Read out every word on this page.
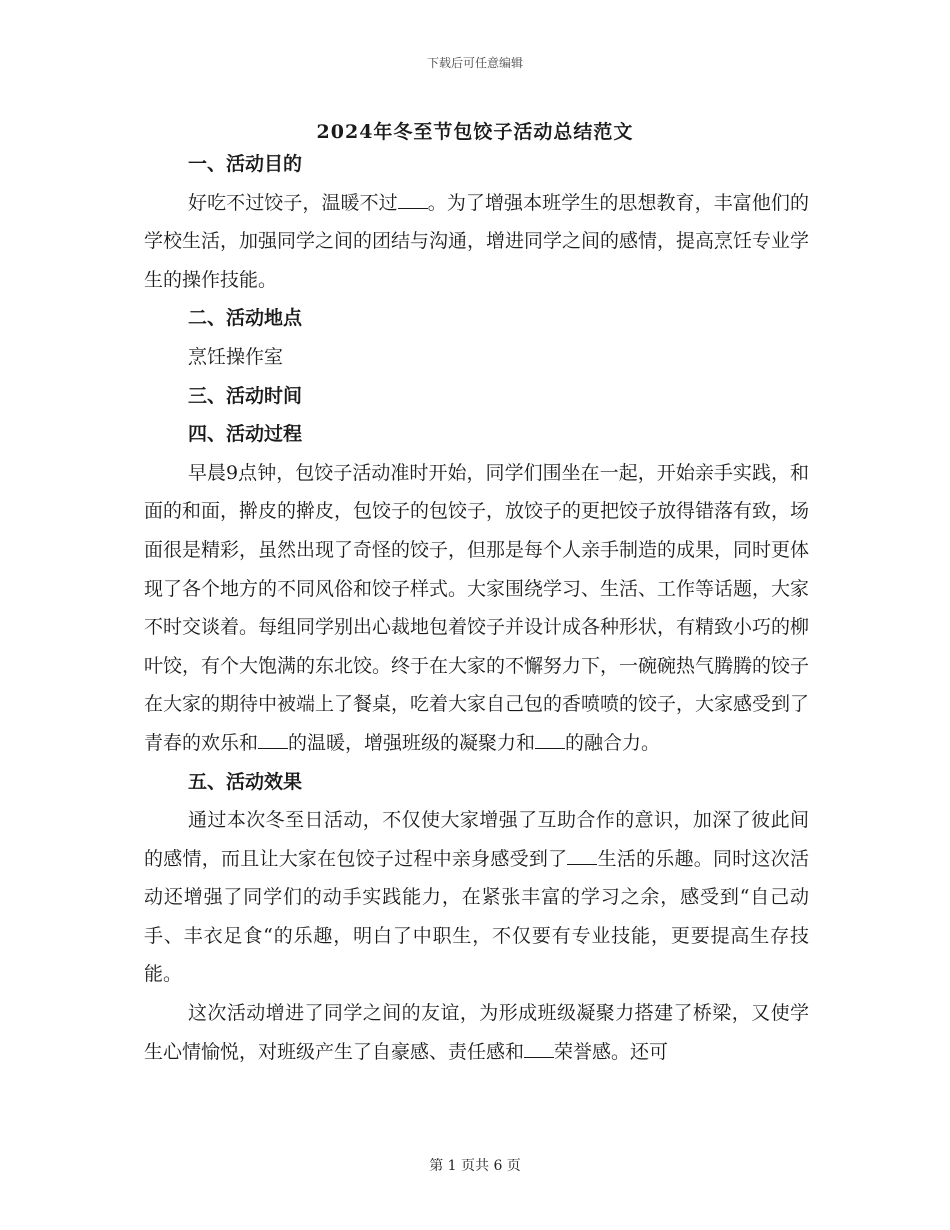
下载后可任意编辑
2024年冬至节包饺子活动总结范文

一、活动目的

好吃不过饺子，温暖不过 。为了增强本班学生的思想教育，丰富他们的学校生活，加强同学之间的团结与沟通，增进同学之间的感情，提高烹饪专业学生的操作技能。

二、活动地点

烹饪操作室

三、活动时间

四、活动过程

早晨9点钟，包饺子活动准时开始，同学们围坐在一起，开始亲手实践，和面的和面，擀皮的擀皮，包饺子的包饺子，放饺子的更把饺子放得错落有致，场面很是精彩，虽然出现了奇怪的饺子，但那是每个人亲手制造的成果，同时更体现了各个地方的不同风俗和饺子样式。大家围绕学习、生活、工作等话题，大家不时交谈着。每组同学别出心裁地包着饺子并设计成各种形状，有精致小巧的柳叶饺，有个大饱满的东北饺。终于在大家的不懈努力下，一碗碗热气腾腾的饺子在大家的期待中被端上了餐桌，吃着大家自己包的香喷喷的饺子，大家感受到了青春的欢乐和 的温暖，增强班级的凝聚力和 的融合力。

五、活动效果

通过本次冬至日活动，不仅使大家增强了互助合作的意识，加深了彼此间的感情，而且让大家在包饺子过程中亲身感受到了 生活的乐趣。同时这次活动还增强了同学们的动手实践能力，在紧张丰富的学习之余，感受到“自己动手、丰衣足食“的乐趣，明白了中职生，不仅要有专业技能，更要提高生存技能。

这次活动增进了同学之间的友谊，为形成班级凝聚力搭建了桥梁，又使学生心情愉悦，对班级产生了自豪感、责任感和 荣誉感。还可

第 1 页共 6 页
